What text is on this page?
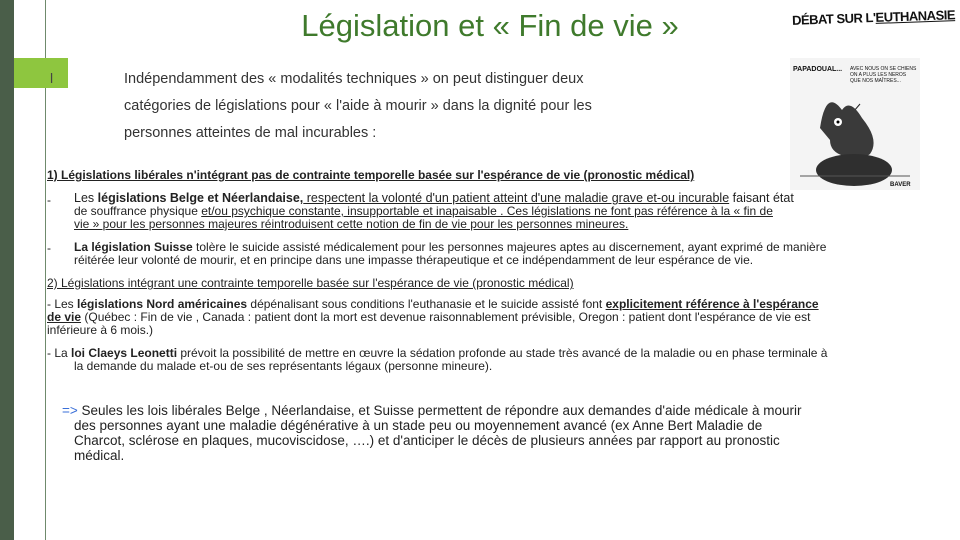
Législation et « Fin de vie »
l	Indépendamment des « modalités techniques » on peut distinguer deux
catégories de législations pour « l'aide à mourir » dans la dignité pour les
personnes atteintes de mal incurables :
DÉBAT SUR L'EUTHANASIE
PAPADOUAL... AVEC NOUS ON SE CHIENS ON A PLUS LES NEROS QUE NOS MAÎTRES...
BAVER
1) Législations libérales n'intégrant pas de contrainte temporelle basée sur l'espérance de vie (pronostic médical)
- Les législations Belge et Néerlandaise, respectent la volonté d'un patient atteint d'une maladie grave et-ou incurable faisant état
de souffrance physique et/ou psychique constante, insupportable et inapaisable . Ces législations ne font pas référence à la « fin de
vie » pour les personnes majeures réintroduisent cette notion de fin de vie pour les personnes mineures.
- La législation Suisse tolère le suicide assisté médicalement pour les personnes majeures aptes au discernement, ayant exprimé de manière
réitérée leur volonté de mourir, et en principe dans une impasse thérapeutique et ce indépendamment de leur espérance de vie.
2) Législations intégrant une contrainte temporelle basée sur l'espérance de vie (pronostic médical)
- Les législations Nord américaines dépénalisant sous conditions l'euthanasie et le suicide assisté font explicitement référence à l'espérance
de vie (Québec : Fin de vie , Canada : patient dont la mort est devenue raisonnablement prévisible, Oregon : patient dont l'espérance de vie est
inférieure à 6 mois.)
- La loi Claeys Leonetti prévoit la possibilité de mettre en œuvre la sédation profonde au stade très avancé de la maladie ou en phase terminale à
la demande du malade et-ou de ses représentants légaux (personne mineure).
=> Seules les lois libérales Belge , Néerlandaise, et Suisse permettent de répondre aux demandes d'aide médicale à mourir
des personnes ayant une maladie dégénérative à un stade peu ou moyennement avancé (ex Anne Bert Maladie de
Charcot, sclérose en plaques, mucoviscidose, ….) et d'anticiper le décès de plusieurs années par rapport au pronostic
médical.
